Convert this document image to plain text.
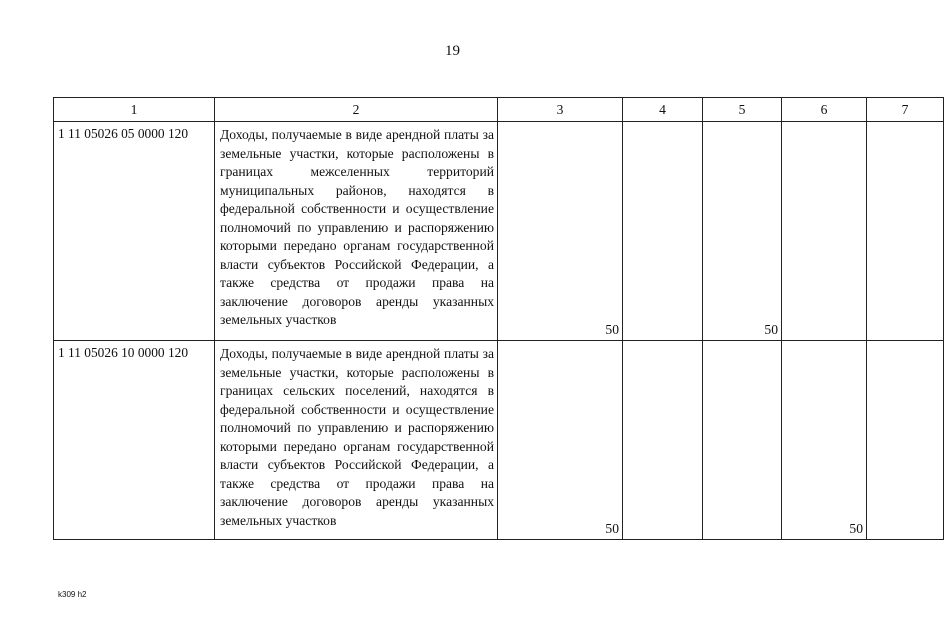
19
1	2	3	4	5	6	7
1 11 05026 05 0000 120	Доходы, получаемые в виде арендной платы за земельные участки, которые расположены в границах межселенных территорий муниципальных районов, находятся в федеральной собственности и осуществление полномочий по управлению и распоряжению которыми передано органам государственной власти субъектов Российской Федерации, а также средства от продажи права на заключение договоров аренды указанных земельных участков	50		50		
1 11 05026 10 0000 120	Доходы, получаемые в виде арендной платы за земельные участки, которые расположены в границах сельских поселений, находятся в федеральной собственности и осуществление полномочий по управлению и распоряжению которыми передано органам государственной власти субъектов Российской Федерации, а также средства от продажи права на заключение договоров аренды указанных земельных участков	50			50	
k309 h2
